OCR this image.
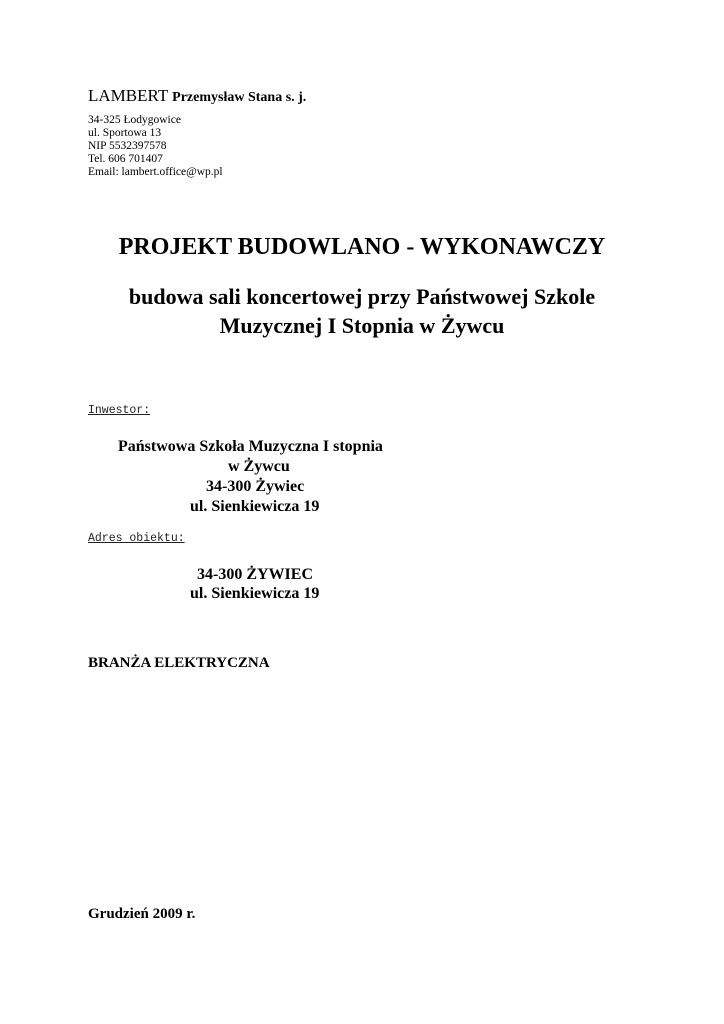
LAMBERT Przemysław Stana s. j.

34-325 Łodygowice

ul. Sportowa 13

NIP 5532397578

Tel. 606 701407

Email: lambert.office@wp.pl

PROJEKT BUDOWLANO - WYKONAWCZY
budowa sali koncertowej przy Państwowej Szkole
Muzycznej I Stopnia w Żywcu

Inwestor:

Państwowa Szkoła Muzyczna I stopnia

w Żywcu

34-300 Żywiec

ul. Sienkiewicza 19

Adres obiektu:

34-300 ŻYWIEC

ul. Sienkiewicza 19

BRANŻA ELEKTRYCZNA

Grudzień 2009 r.
